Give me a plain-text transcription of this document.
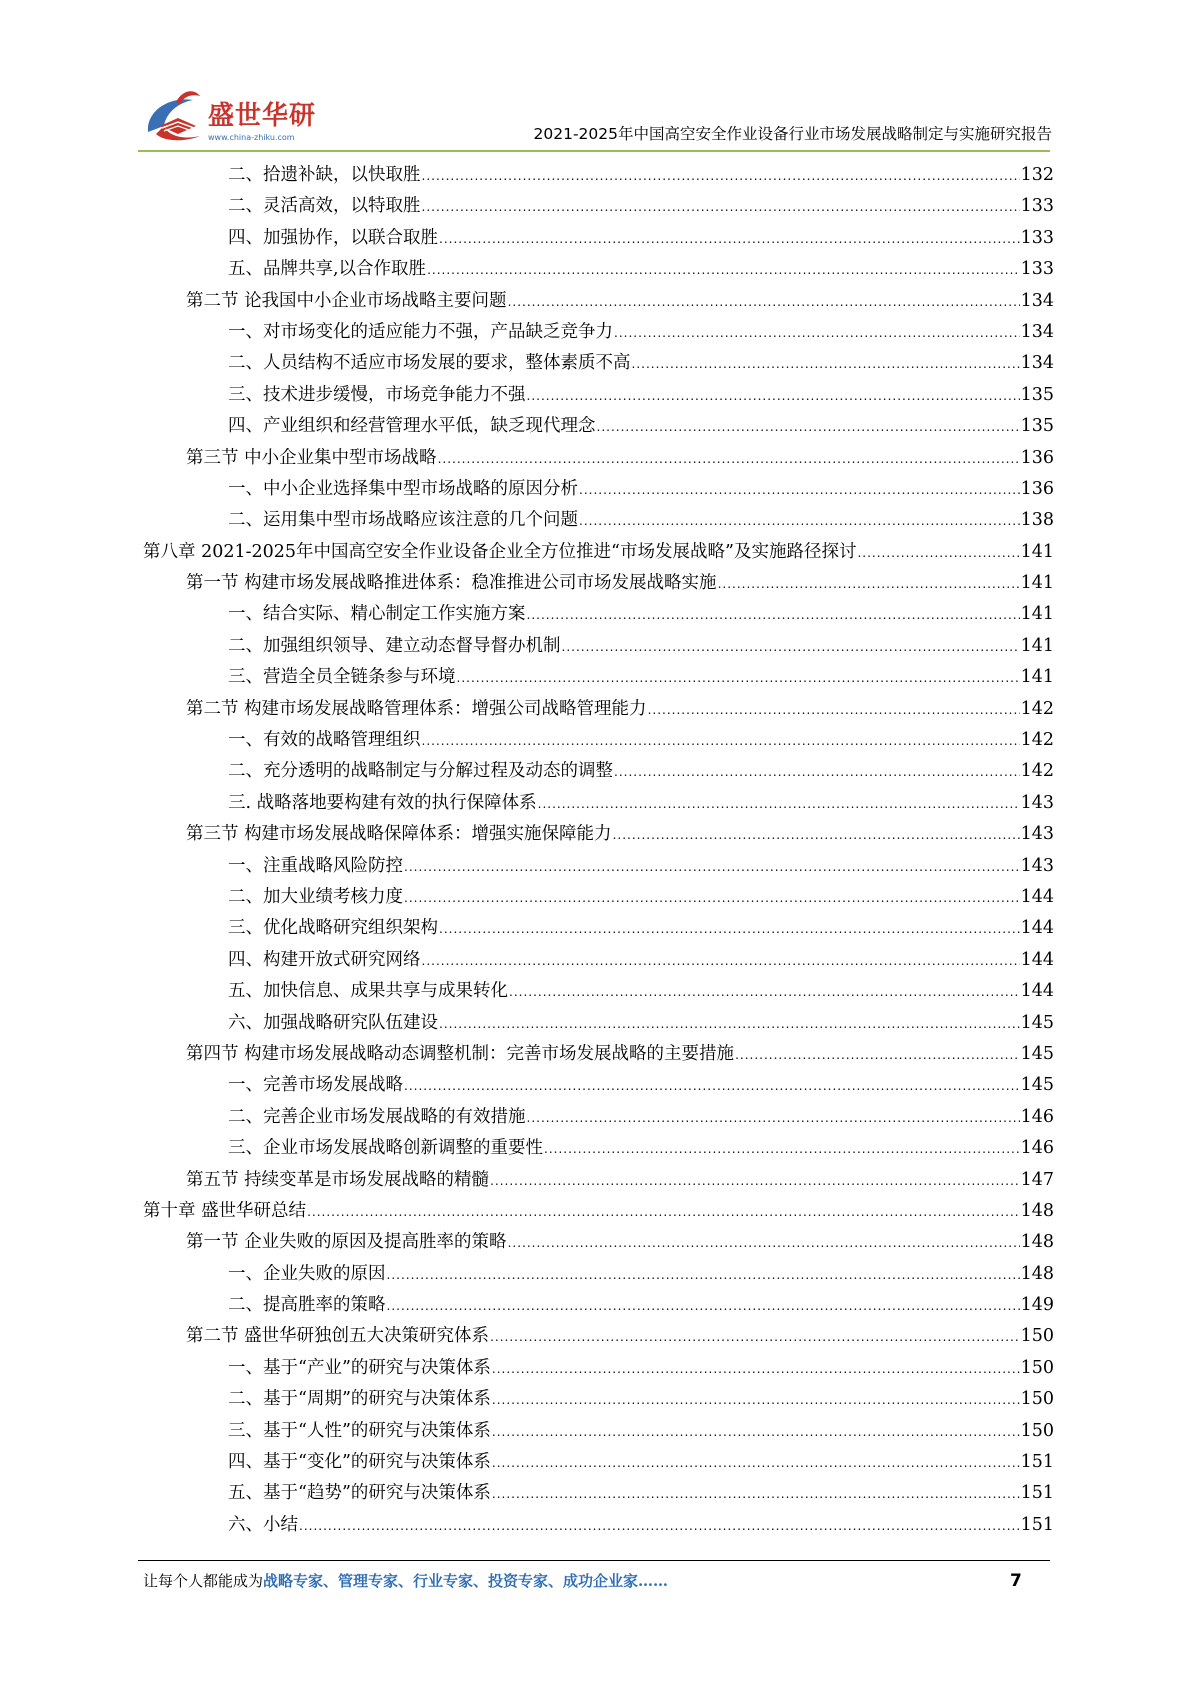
盛世华研
www.china-zhiku.com	2021-2025年中国高空安全作业设备行业市场发展战略制定与实施研究报告
二、拾遗补缺，以快取胜 .....	132
二、灵活高效，以特取胜 .....	133
四、加强协作，以联合取胜 .....	133
五、品牌共享,以合作取胜 .....	133
第二节 论我国中小企业市场战略主要问题 .....	134
一、对市场变化的适应能力不强，产品缺乏竞争力 .....	134
二、人员结构不适应市场发展的要求，整体素质不高 .....	134
三、技术进步缓慢，市场竞争能力不强 .....	135
四、产业组织和经营管理水平低，缺乏现代理念 .....	135
第三节 中小企业集中型市场战略 .....	136
一、中小企业选择集中型市场战略的原因分析 .....	136
二、运用集中型市场战略应该注意的几个问题 .....	138
第八章 2021-2025年中国高空安全作业设备企业全方位推进“市场发展战略”及实施路径探讨 .....	141
第一节 构建市场发展战略推进体系：稳准推进公司市场发展战略实施 .....	141
一、结合实际、精心制定工作实施方案 .....	141
二、加强组织领导、建立动态督导督办机制 .....	141
三、营造全员全链条参与环境 .....	141
第二节 构建市场发展战略管理体系：增强公司战略管理能力 .....	142
一、有效的战略管理组织 .....	142
二、充分透明的战略制定与分解过程及动态的调整 .....	142
三. 战略落地要构建有效的执行保障体系 .....	143
第三节 构建市场发展战略保障体系：增强实施保障能力 .....	143
一、注重战略风险防控 .....	143
二、加大业绩考核力度 .....	144
三、优化战略研究组织架构 .....	144
四、构建开放式研究网络 .....	144
五、加快信息、成果共享与成果转化 .....	144
六、加强战略研究队伍建设 .....	145
第四节 构建市场发展战略动态调整机制：完善市场发展战略的主要措施 .....	145
一、完善市场发展战略 .....	145
二、完善企业市场发展战略的有效措施 .....	146
三、企业市场发展战略创新调整的重要性 .....	146
第五节 持续变革是市场发展战略的精髓 .....	147
第十章 盛世华研总结 .....	148
第一节 企业失败的原因及提高胜率的策略 .....	148
一、企业失败的原因 .....	148
二、提高胜率的策略 .....	149
第二节 盛世华研独创五大决策研究体系 .....	150
一、基于“产业”的研究与决策体系 .....	150
二、基于“周期”的研究与决策体系 .....	150
三、基于“人性”的研究与决策体系 .....	150
四、基于“变化”的研究与决策体系 .....	151
五、基于“趋势”的研究与决策体系 .....	151
六、小结 .....	151
让每个人都能成为战略专家、管理专家、行业专家、投资专家、成功企业家……	7
